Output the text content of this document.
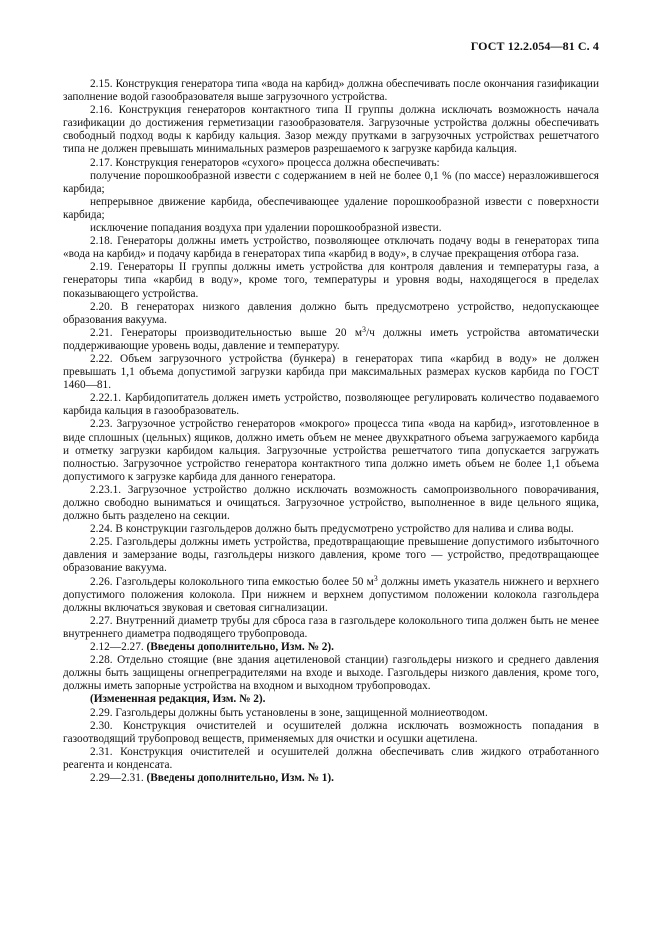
ГОСТ 12.2.054—81 С. 4

2.15. Конструкция генератора типа «вода на карбид» должна обеспечивать после окончания газификации заполнение водой газообразователя выше загрузочного устройства.

2.16. Конструкция генераторов контактного типа II группы должна исключать возможность начала газификации до достижения герметизации газообразователя. Загрузочные устройства должны обеспечивать свободный подход воды к карбиду кальция. Зазор между прутками в загрузочных устройствах решетчатого типа не должен превышать минимальных размеров разрешаемого к загрузке карбида кальция.

2.17. Конструкция генераторов «сухого» процесса должна обеспечивать:

получение порошкообразной извести с содержанием в ней не более 0,1 % (по массе) неразложившегося карбида;

непрерывное движение карбида, обеспечивающее удаление порошкообразной извести с поверхности карбида;

исключение попадания воздуха при удалении порошкообразной извести.

2.18. Генераторы должны иметь устройство, позволяющее отключать подачу воды в генераторах типа «вода на карбид» и подачу карбида в генераторах типа «карбид в воду», в случае прекращения отбора газа.

2.19. Генераторы II группы должны иметь устройства для контроля давления и температуры газа, а генераторы типа «карбид в воду», кроме того, температуры и уровня воды, находящегося в пределах показывающего устройства.

2.20. В генераторах низкого давления должно быть предусмотрено устройство, недопускающее образования вакуума.

2.21. Генераторы производительностью выше 20 $м^3/ч$ должны иметь устройства автоматически поддерживающие уровень воды, давление и температуру.

2.22. Объем загрузочного устройства (бункера) в генераторах типа «карбид в воду» не должен превышать 1,1 объема допустимой загрузки карбида при максимальных размерах кусков карбида по ГОСТ 1460—81.

2.22.1. Карбидопитатель должен иметь устройство, позволяющее регулировать количество подаваемого карбида кальция в газообразователь.

2.23. Загрузочное устройство генераторов «мокрого» процесса типа «вода на карбид», изготовленное в виде сплошных (цельных) ящиков, должно иметь объем не менее двухкратного объема загружаемого карбида и отметку загрузки карбидом кальция. Загрузочные устройства решетчатого типа допускается загружать полностью. Загрузочное устройство генератора контактного типа должно иметь объем не более 1,1 объема допустимого к загрузке карбида для данного генератора.

2.23.1. Загрузочное устройство должно исключать возможность самопроизвольного поворачивания, должно свободно выниматься и очищаться. Загрузочное устройство, выполненное в виде цельного ящика, должно быть разделено на секции.

2.24. В конструкции газгольдеров должно быть предусмотрено устройство для налива и слива воды.

2.25. Газгольдеры должны иметь устройства, предотвращающие превышение допустимого избыточного давления и замерзание воды, газгольдеры низкого давления, кроме того — устройство, предотвращающее образование вакуума.

2.26. Газгольдеры колокольного типа емкостью более 50 $м^3$ должны иметь указатель нижнего и верхнего допустимого положения колокола. При нижнем и верхнем допустимом положении колокола газгольдера должны включаться звуковая и световая сигнализации.

2.27. Внутренний диаметр трубы для сброса газа в газгольдере колокольного типа должен быть не менее внутреннего диаметра подводящего трубопровода.

2.12—2.27. (Введены дополнительно, Изм. № 2).

2.28. Отдельно стоящие (вне здания ацетиленовой станции) газгольдеры низкого и среднего давления должны быть защищены огнепреградителями на входе и выходе. Газгольдеры низкого давления, кроме того, должны иметь запорные устройства на входном и выходном трубопроводах.

(Измененная редакция, Изм. № 2).

2.29. Газгольдеры должны быть установлены в зоне, защищенной молниеотводом.

2.30. Конструкция очистителей и осушителей должна исключать возможность попадания в газоотводящий трубопровод веществ, применяемых для очистки и осушки ацетилена.

2.31. Конструкция очистителей и осушителей должна обеспечивать слив жидкого отработанного реагента и конденсата.

2.29—2.31. (Введены дополнительно, Изм. № 1).
